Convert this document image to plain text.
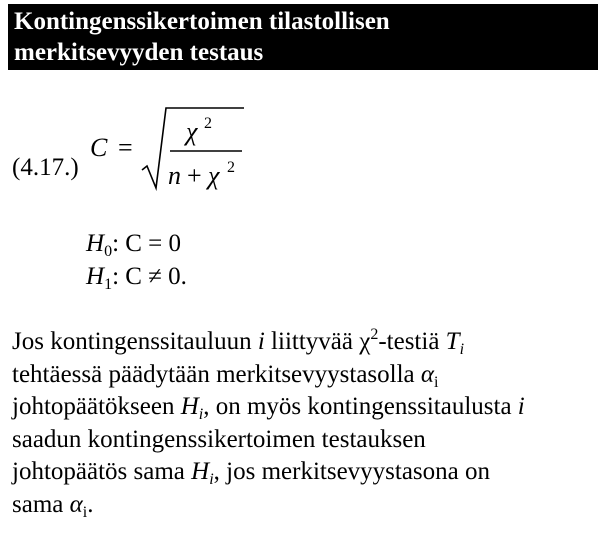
Kontingenssikertoimen tilastollisen
merkitsevyyden testaus
(4.17.)
C =
χ 2
n + χ 2
$H_0$: C = 0
$H_1$: C ≠ 0.
Jos kontingenssitauluun i liittyvää $\chi^2$-testiä $T_i$
tehtäessä päädytään merkitsevyystasolla $\alpha_i$
johtopäätökseen $H_i$, on myös kontingenssitaulusta i
saadun kontingenssikertoimen testauksen
johtopäätös sama $H_i$, jos merkitsevyystasona on
sama $\alpha_i$.
